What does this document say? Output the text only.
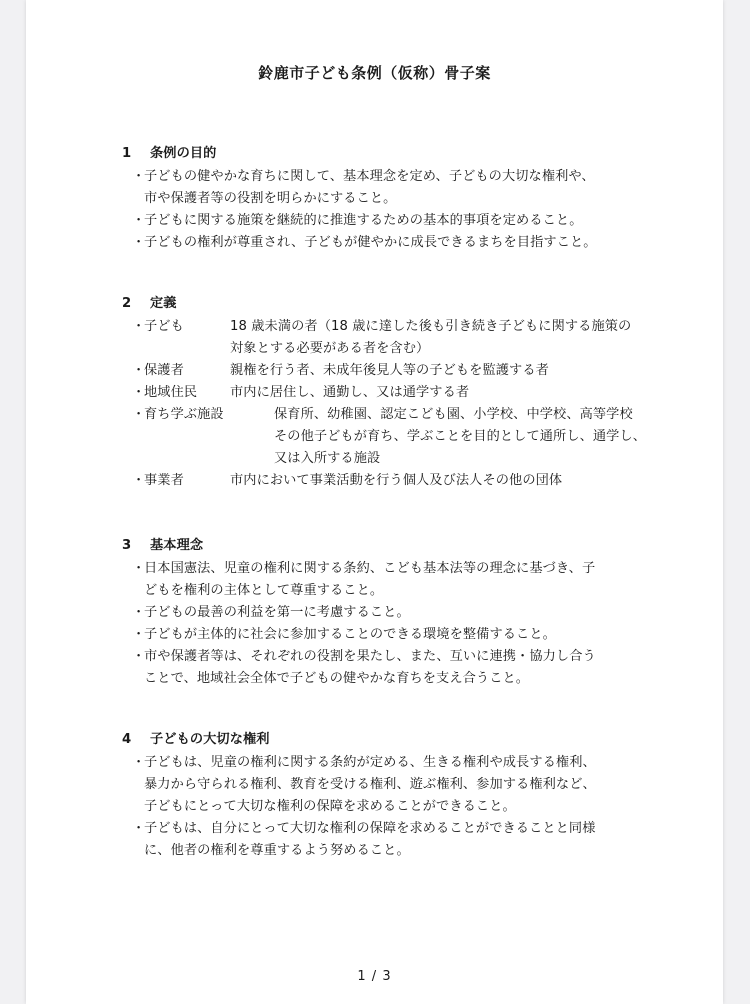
鈴鹿市子ども条例（仮称）骨子案
1 条例の目的
・
子どもの健やかな育ちに関して、基本理念を定め、子どもの大切な権利や、
市や保護者等の役割を明らかにすること。
・
子どもに関する施策を継続的に推進するための基本的事項を定めること。
・
子どもの権利が尊重され、子どもが健やかに成長できるまちを目指すこと。
2 定義
・
子ども	18 歳未満の者（18 歳に達した後も引き続き子どもに関する施策の
対象とする必要がある者を含む）
・
保護者	親権を行う者、未成年後見人等の子どもを監護する者
・
地域住民 市内に居住し、通勤し、又は通学する者
・
育ち学ぶ施設	保育所、幼稚園、認定こども園、小学校、中学校、高等学校
その他子どもが育ち、学ぶことを目的として通所し、通学し、
又は入所する施設
・
事業者	市内において事業活動を行う個人及び法人その他の団体
3 基本理念
・
日本国憲法、児童の権利に関する条約、こども基本法等の理念に基づき、子
どもを権利の主体として尊重すること。
・
子どもの最善の利益を第一に考慮すること。
・
子どもが主体的に社会に参加することのできる環境を整備すること。
・
市や保護者等は、それぞれの役割を果たし、また、互いに連携・協力し合う
ことで、地域社会全体で子どもの健やかな育ちを支え合うこと。
4 子どもの大切な権利
・
子どもは、児童の権利に関する条約が定める、生きる権利や成長する権利、
暴力から守られる権利、教育を受ける権利、遊ぶ権利、参加する権利など、
子どもにとって大切な権利の保障を求めることができること。
・
子どもは、自分にとって大切な権利の保障を求めることができることと同様
に、他者の権利を尊重するよう努めること。
1 / 3
